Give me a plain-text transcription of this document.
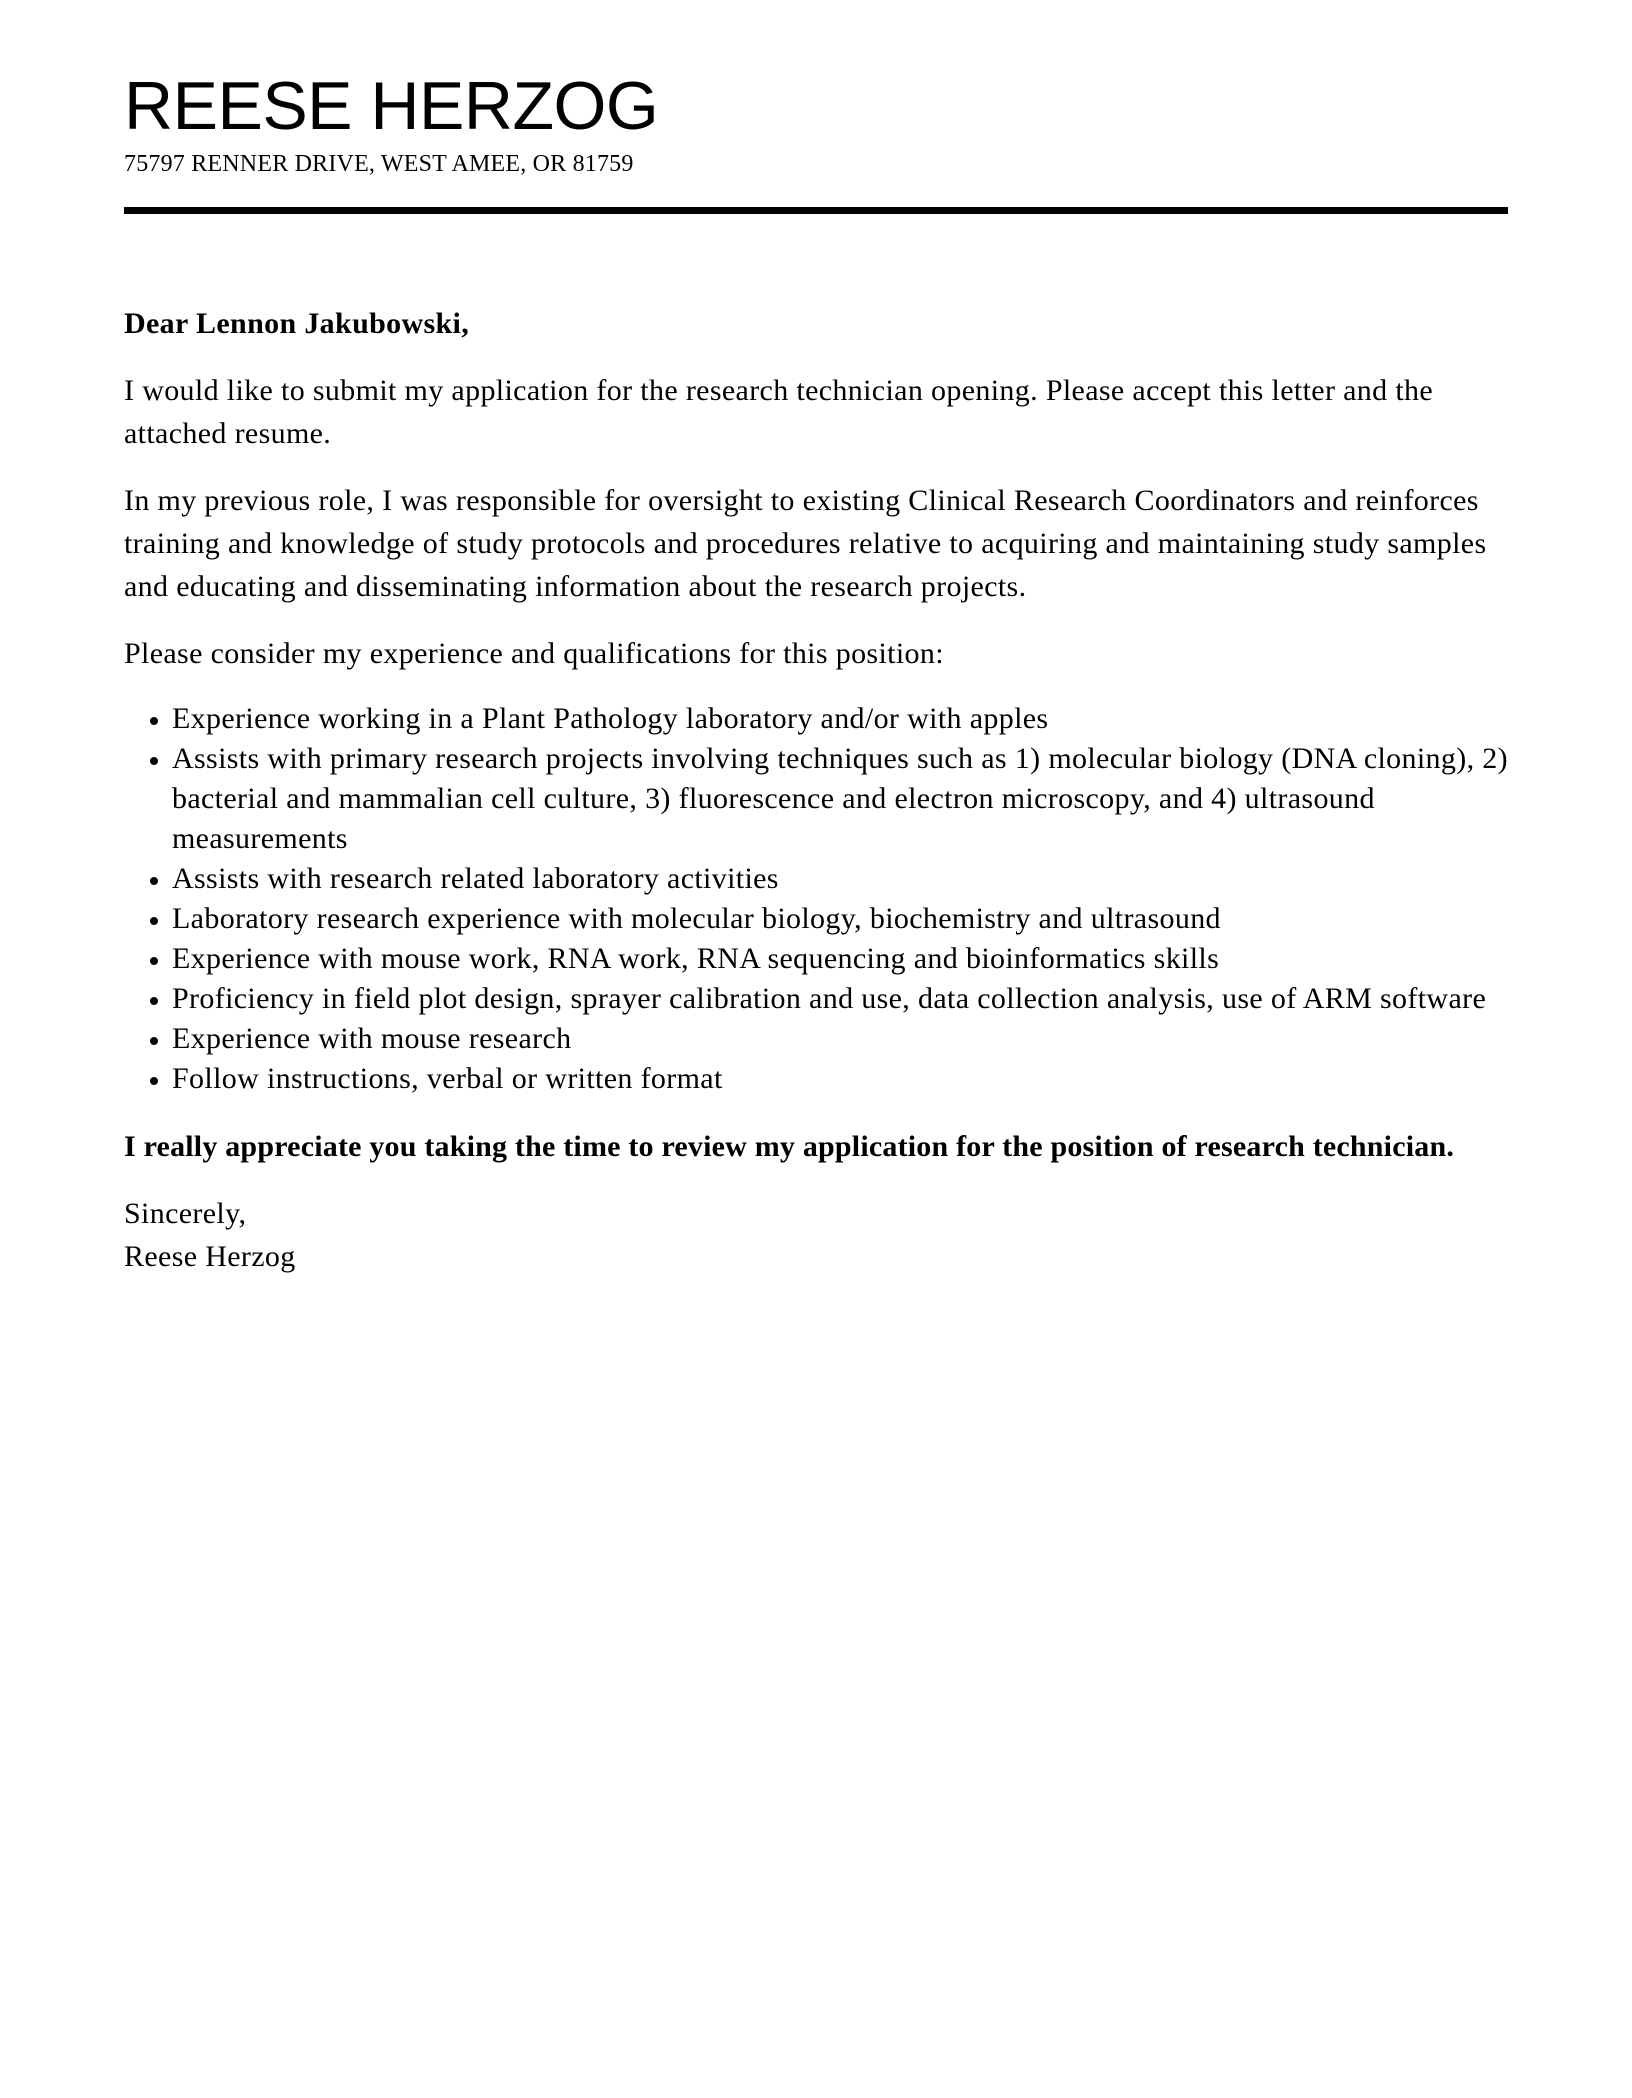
REESE HERZOG
75797 RENNER DRIVE, WEST AMEE, OR 81759

Dear Lennon Jakubowski,

I would like to submit my application for the research technician opening. Please accept this letter and the attached resume.

In my previous role, I was responsible for oversight to existing Clinical Research Coordinators and reinforces training and knowledge of study protocols and procedures relative to acquiring and maintaining study samples and educating and disseminating information about the research projects.

Please consider my experience and qualifications for this position:

• Experience working in a Plant Pathology laboratory and/or with apples
• Assists with primary research projects involving techniques such as 1) molecular biology (DNA cloning), 2) bacterial and mammalian cell culture, 3) fluorescence and electron microscopy, and 4) ultrasound measurements
• Assists with research related laboratory activities
• Laboratory research experience with molecular biology, biochemistry and ultrasound
• Experience with mouse work, RNA work, RNA sequencing and bioinformatics skills
• Proficiency in field plot design, sprayer calibration and use, data collection analysis, use of ARM software
• Experience with mouse research
• Follow instructions, verbal or written format

I really appreciate you taking the time to review my application for the position of research technician.

Sincerely,

Reese Herzog
